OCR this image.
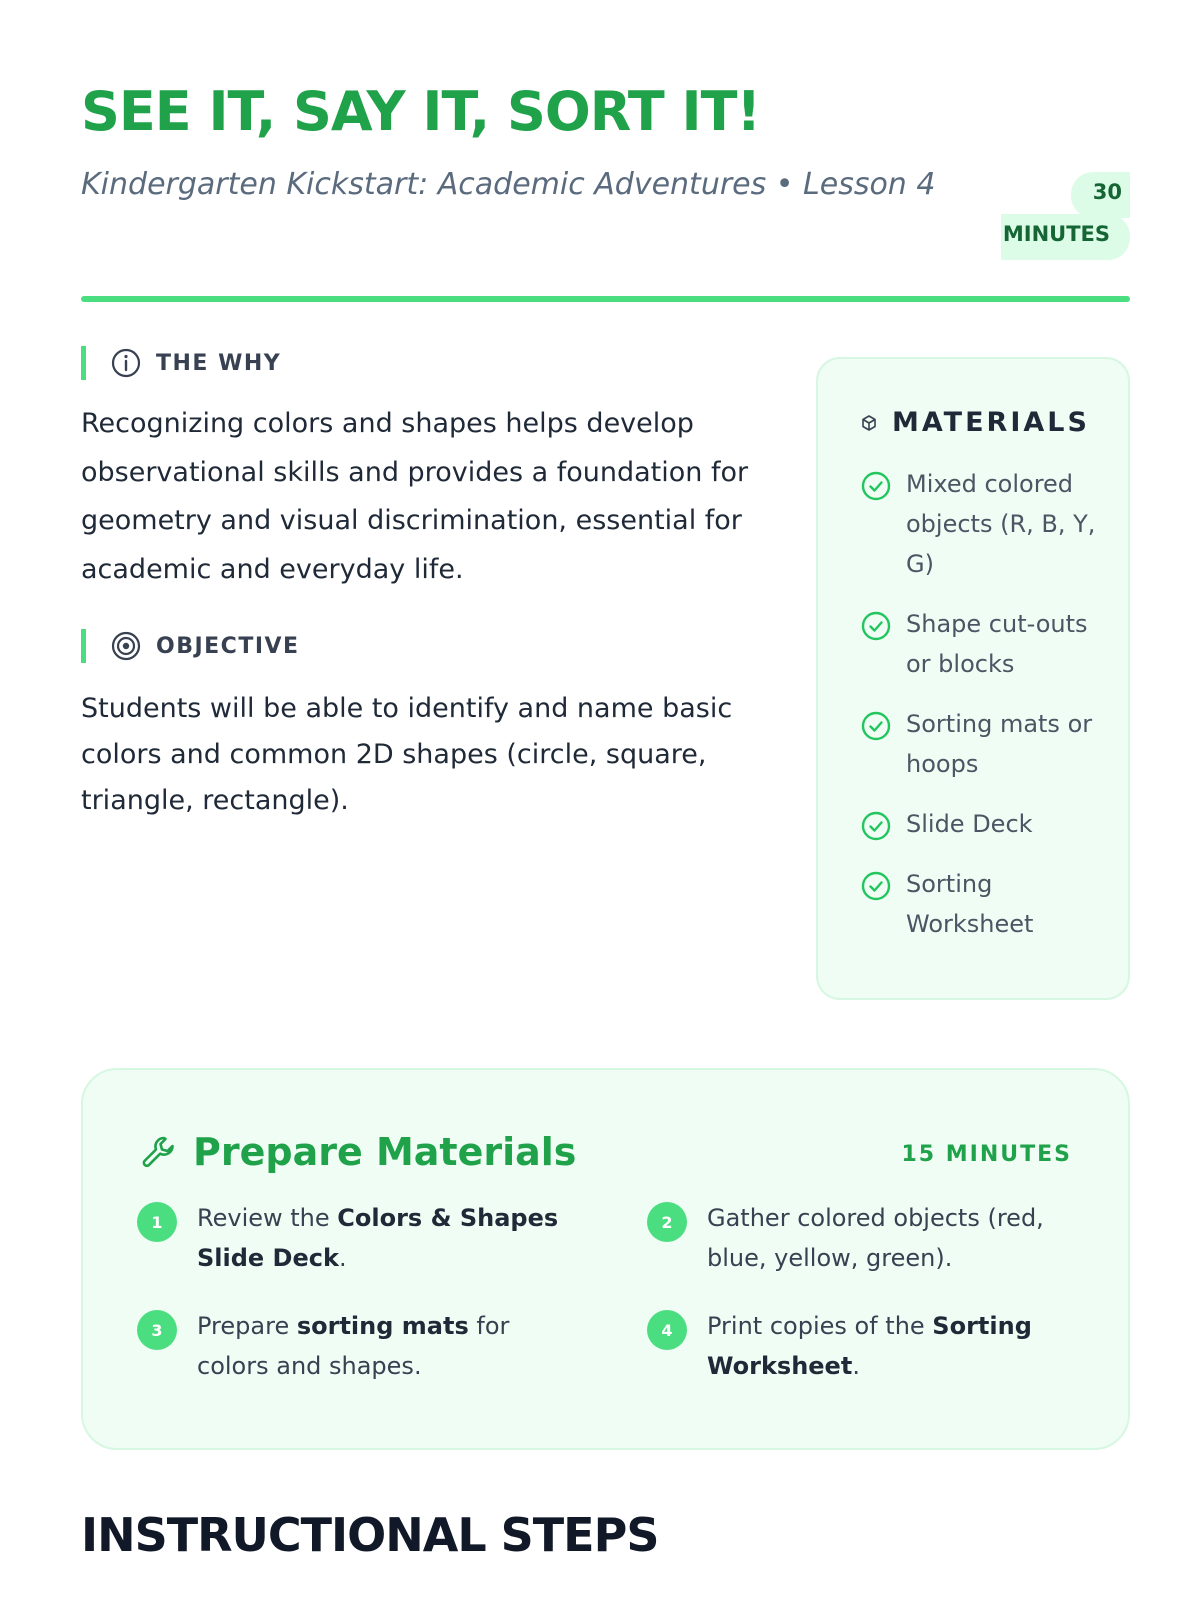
SEE IT, SAY IT, SORT IT!
Kindergarten Kickstart: Academic Adventures • Lesson 4	30
MINUTES
THE WHY

Recognizing colors and shapes helps develop observational skills and provides a foundation for geometry and visual discrimination, essential for academic and everyday life.

OBJECTIVE

Students will be able to identify and name basic colors and common 2D shapes (circle, square, triangle, rectangle).

MATERIALS
Mixed colored objects (R, B, Y, G)
Shape cut-outs or blocks
Sorting mats or hoops
Slide Deck
Sorting Worksheet
Prepare Materials	15 MINUTES
1	Review the Colors & Shapes Slide Deck.
2	Gather colored objects (red, blue, yellow, green).
3	Prepare sorting mats for colors and shapes.
4	Print copies of the Sorting Worksheet.
INSTRUCTIONAL STEPS
